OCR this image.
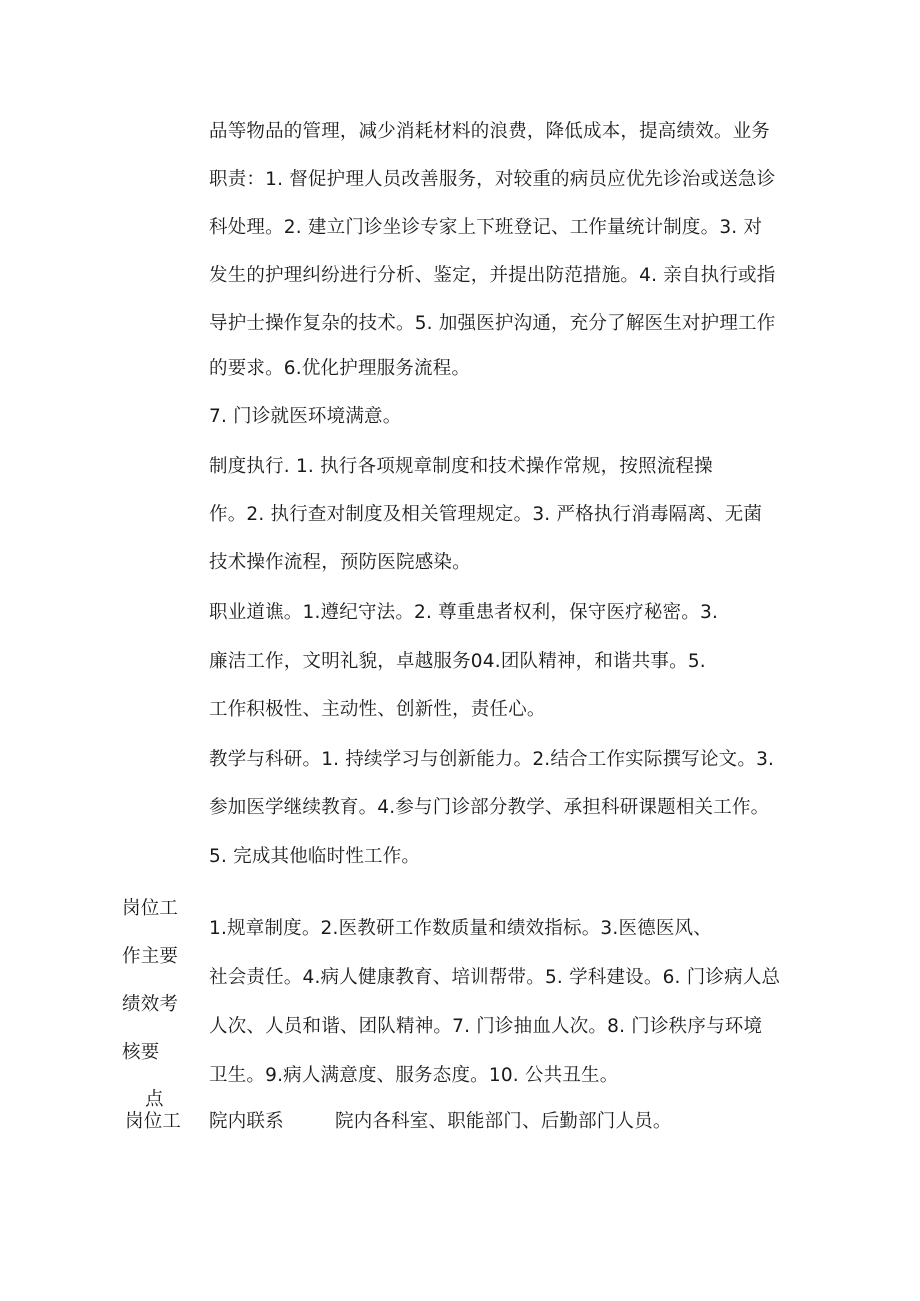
品等物品的管理，减少消耗材料的浪费，降低成本，提高绩效。业务
职责：1. 督促护理人员改善服务，对较重的病员应优先诊治或送急诊
科处理。2. 建立门诊坐诊专家上下班登记、工作量统计制度。3. 对
发生的护理纠纷进行分析、鉴定，并提出防范措施。4. 亲自执行或指
导护士操作复杂的技术。5. 加强医护沟通，充分了解医生对护理工作
的要求。6.优化护理服务流程。
7. 门诊就医环境满意。
制度执行. 1. 执行各项规章制度和技术操作常规，按照流程操
作。2. 执行查对制度及相关管理规定。3. 严格执行消毒隔离、无菌
技术操作流程，预防医院感染。
职业道谯。1.遵纪守法。2. 尊重患者权利，保守医疗秘密。3.
廉洁工作，文明礼貌，卓越服务04.团队精神，和谐共事。5.
工作积极性、主动性、创新性，责任心。
教学与科研。1. 持续学习与创新能力。2.结合工作实际撰写论文。3.
参加医学继续教育。4.参与门诊部分教学、承担科研课题相关工作。
5. 完成其他临时性工作。
岗位工
作主要
绩效考
核要
点
1.规章制度。2.医教研工作数质量和绩效指标。3.医德医风、
社会责任。4.病人健康教育、培训帮带。5. 学科建设。6. 门诊病人总
人次、人员和谐、团队精神。7. 门诊抽血人次。8. 门诊秩序与环境
卫生。9.病人满意度、服务态度。10. 公共丑生。
岗位工 院内联系	院内各科室、职能部门、后勤部门人员。
